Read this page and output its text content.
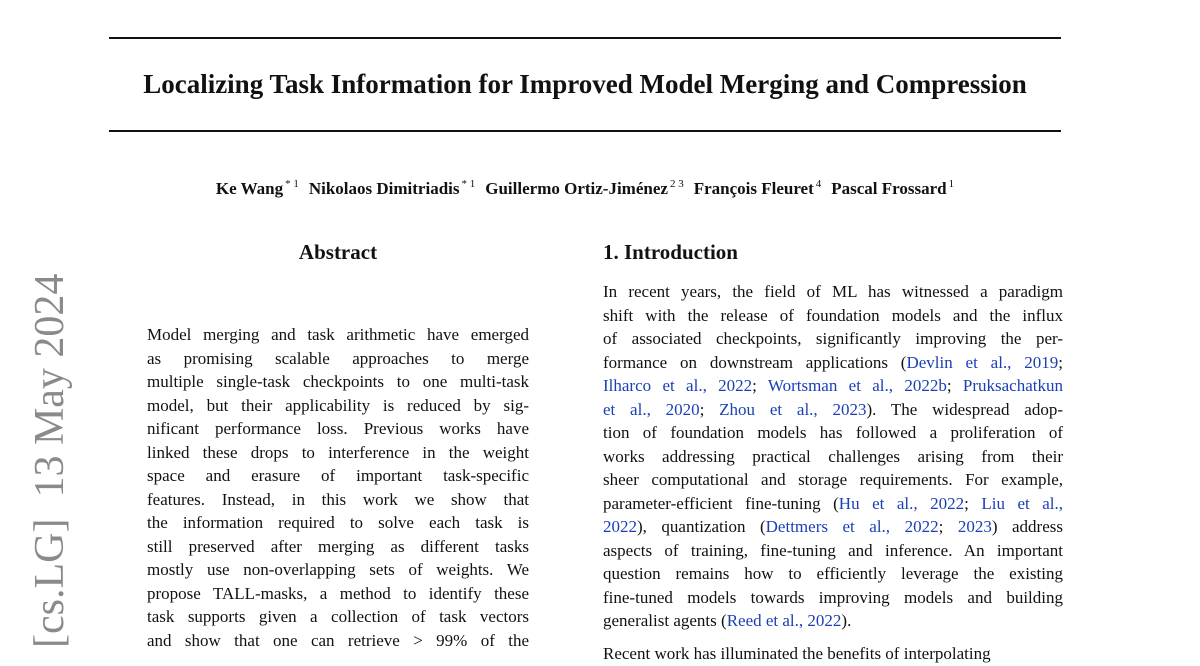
Localizing Task Information for Improved Model Merging and Compression
Ke Wang $^{* 1}$ Nikolaos Dimitriadis $^{* 1}$ Guillermo Ortiz-Jiménez $^{2 3}$ François Fleuret $^4$ Pascal Frossard $^1$
[cs.LG]  13 May 2024
Abstract
Model merging and task arithmetic have emerged
as promising scalable approaches to merge
multiple single-task checkpoints to one multi-task
model, but their applicability is reduced by sig-
nificant performance loss. Previous works have
linked these drops to interference in the weight
space and erasure of important task-specific
features. Instead, in this work we show that
the information required to solve each task is
still preserved after merging as different tasks
mostly use non-overlapping sets of weights. We
propose TALL-masks, a method to identify these
task supports given a collection of task vectors
and show that one can retrieve > 99% of the
1. Introduction
In recent years, the field of ML has witnessed a paradigm
shift with the release of foundation models and the influx
of associated checkpoints, significantly improving the per-
formance on downstream applications (Devlin et al., 2019;
Ilharco et al., 2022; Wortsman et al., 2022b; Pruksachatkun
et al., 2020; Zhou et al., 2023). The widespread adop-
tion of foundation models has followed a proliferation of
works addressing practical challenges arising from their
sheer computational and storage requirements. For example,
parameter-efficient fine-tuning (Hu et al., 2022; Liu et al.,
2022), quantization (Dettmers et al., 2022; 2023) address
aspects of training, fine-tuning and inference. An important
question remains how to efficiently leverage the existing
fine-tuned models towards improving models and building
generalist agents (Reed et al., 2022).
Recent work has illuminated the benefits of interpolating
